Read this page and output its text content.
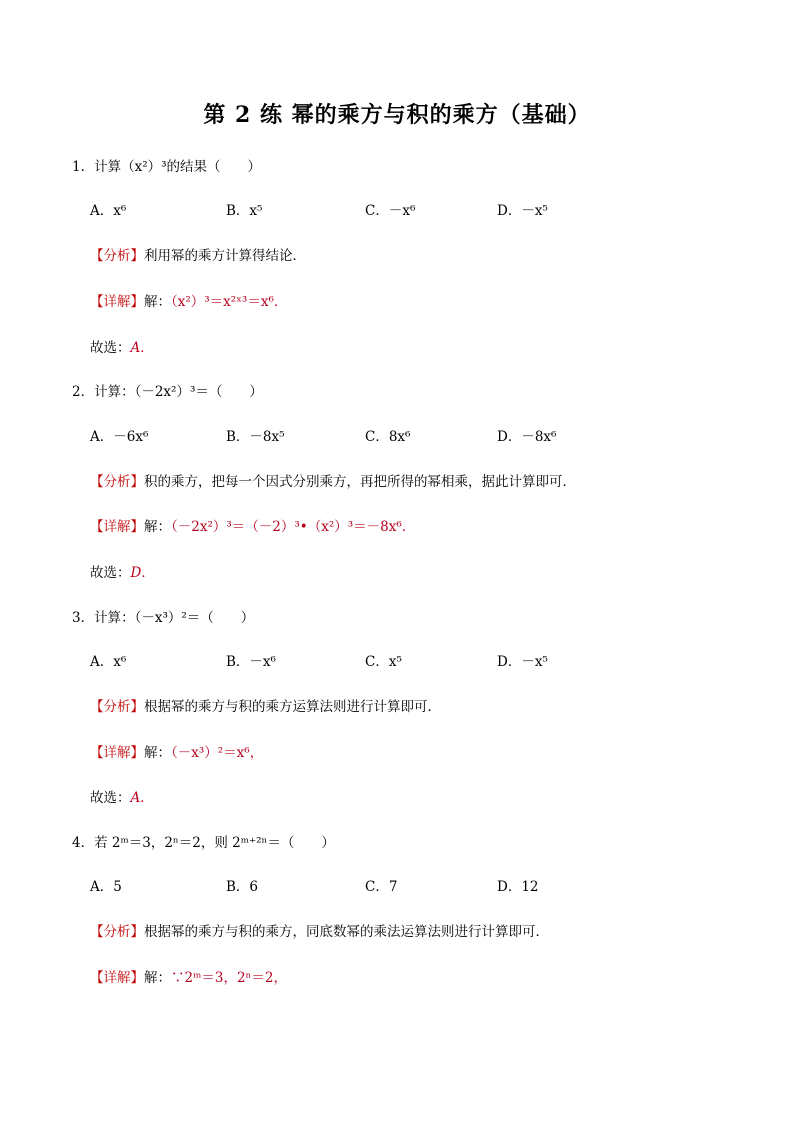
第 2 练 幂的乘方与积的乘方（基础）
1．计算（x²）³的结果（　　）
A．x⁶	B．x⁵	C．－x⁶	D．－x⁵
【分析】利用幂的乘方计算得结论．
【详解】解：（x²）³＝x²ˣ³＝x⁶．
故选：A．
2．计算：（－2x²）³＝（　　）
A．－6x⁶	B．－8x⁵	C．8x⁶	D．－8x⁶
【分析】积的乘方，把每一个因式分别乘方，再把所得的幂相乘，据此计算即可．
【详解】解：（－2x²）³＝（－2）³•（x²）³＝－8x⁶．
故选：D．
3．计算：（－x³）²＝（　　）
A．x⁶	B．－x⁶	C．x⁵	D．－x⁵
【分析】根据幂的乘方与积的乘方运算法则进行计算即可．
【详解】解：（－x³）²＝x⁶，
故选：A．
4．若 2ᵐ＝3，2ⁿ＝2，则 2ᵐ⁺²ⁿ＝（　　）
A．5	B．6	C．7	D．12
【分析】根据幂的乘方与积的乘方，同底数幂的乘法运算法则进行计算即可．
【详解】解：∵2ᵐ＝3，2ⁿ＝2，
